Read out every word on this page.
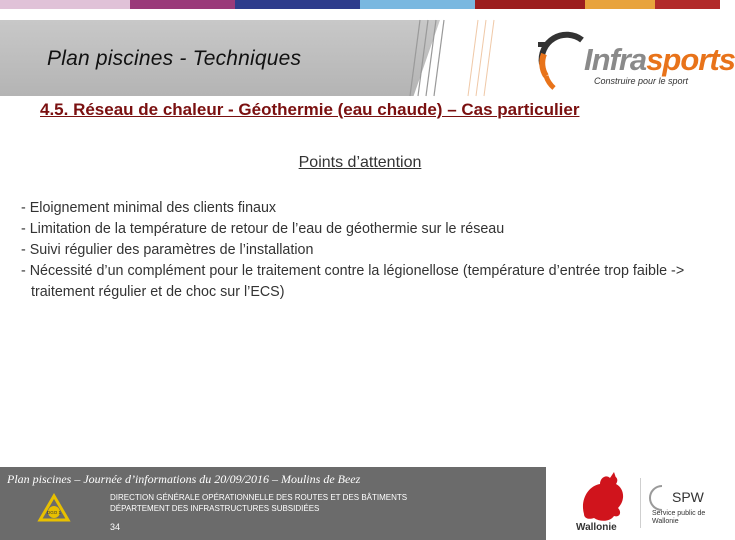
Plan piscines - Techniques	Infrasports
Construire pour le sport
4.5. Réseau de chaleur - Géothermie (eau chaude) – Cas particulier
Points d’attention
- Eloignement minimal des clients finaux
- Limitation de la température de retour de l’eau de géothermie sur le réseau
- Suivi régulier des paramètres de l’installation
- Nécessité d’un complément pour le traitement contre la légionellose (température d’entrée trop faible -> traitement régulier et de choc sur l’ECS)
Plan piscines – Journée d’informations du 20/09/2016 – Moulins de Beez
DGO 1
DIRECTION GÉNÉRALE OPÉRATIONNELLE DES ROUTES ET DES BÂTIMENTS
DÉPARTEMENT DES INFRASTRUCTURES SUBSIDIÉES
34	Wallonie
SPW
Service public de Wallonie
